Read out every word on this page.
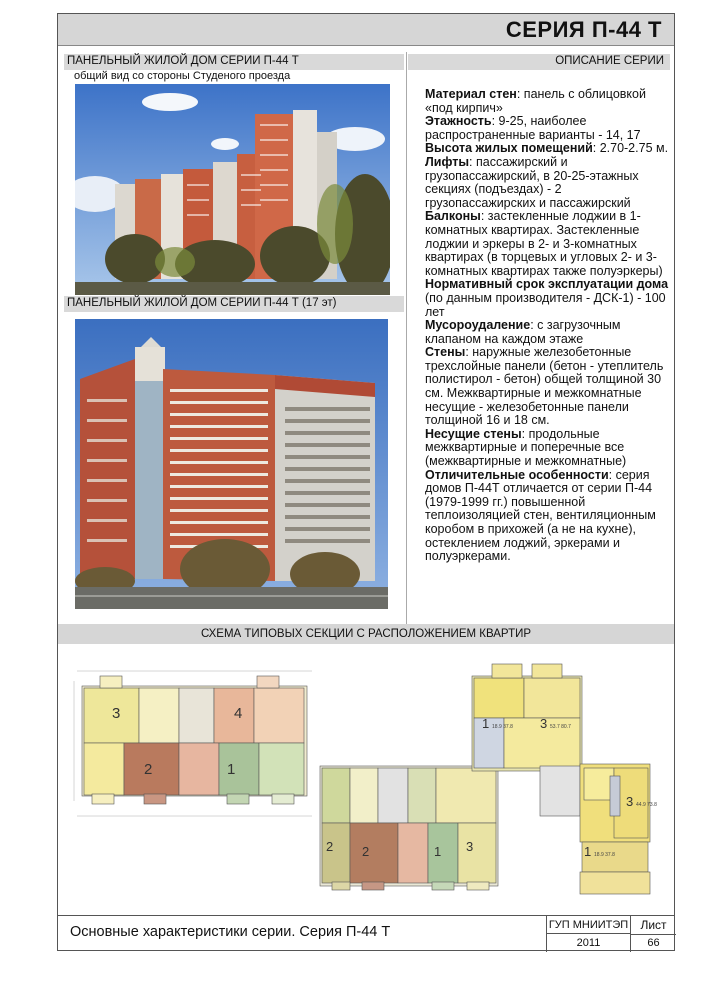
СЕРИЯ П-44 Т
ПАНЕЛЬНЫЙ ЖИЛОЙ ДОМ СЕРИИ П-44 Т
общий вид со стороны Студеного проезда
ПАНЕЛЬНЫЙ ЖИЛОЙ ДОМ СЕРИИ П-44 Т (17 эт)
ОПИСАНИЕ СЕРИИ

Материал стен: панель с облицовкой «под кирпич»

Этажность: 9-25, наиболее распространенные варианты - 14, 17

Высота жилых помещений: 2.70-2.75 м.

Лифты: пассажирский и грузопассажирский, в 20-25-этажных секциях (подъездах) - 2 грузопассажирских и пассажирский

Балконы: застекленные лоджии в 1-комнатных квартирах. Застекленные лоджии и эркеры в 2- и 3-комнатных квартирах (в торцевых и угловых 2- и 3-комнатных квартирах также полуэркеры)

Нормативный срок эксплуатации дома (по данным производителя - ДСК-1) - 100 лет

Мусороудаление: с загрузочным клапаном на каждом этаже

Стены: наружные железобетонные трехслойные панели (бетон - утеплитель полистирол - бетон) общей толщиной 30 см. Межквартирные и межкомнатные несущие - железобетонные панели толщиной 16 и 18 см.

Несущие стены: продольные межквартирные и поперечные все (межквартирные и межкомнатные)

Отличительные особенности: серия домов П-44Т отличается от серии П-44 (1979-1999 гг.) повышенной теплоизоляцией стен, вентиляционным коробом в прихожей (а не на кухне), остеклением лоджий, эркерами и полуэркерами.

СХЕМА ТИПОВЫХ СЕКЦИИ С РАСПОЛОЖЕНИЕМ КВАРТИР
3	4
2	1
2 2	1 3
1 18.9 37.8 3 53.7 80.7
3 44.9 73.8
1 18.9 37.8
Основные характеристики серии. Серия П-44 Т	ГУП МНИИТЭП
2011
Лист
66
